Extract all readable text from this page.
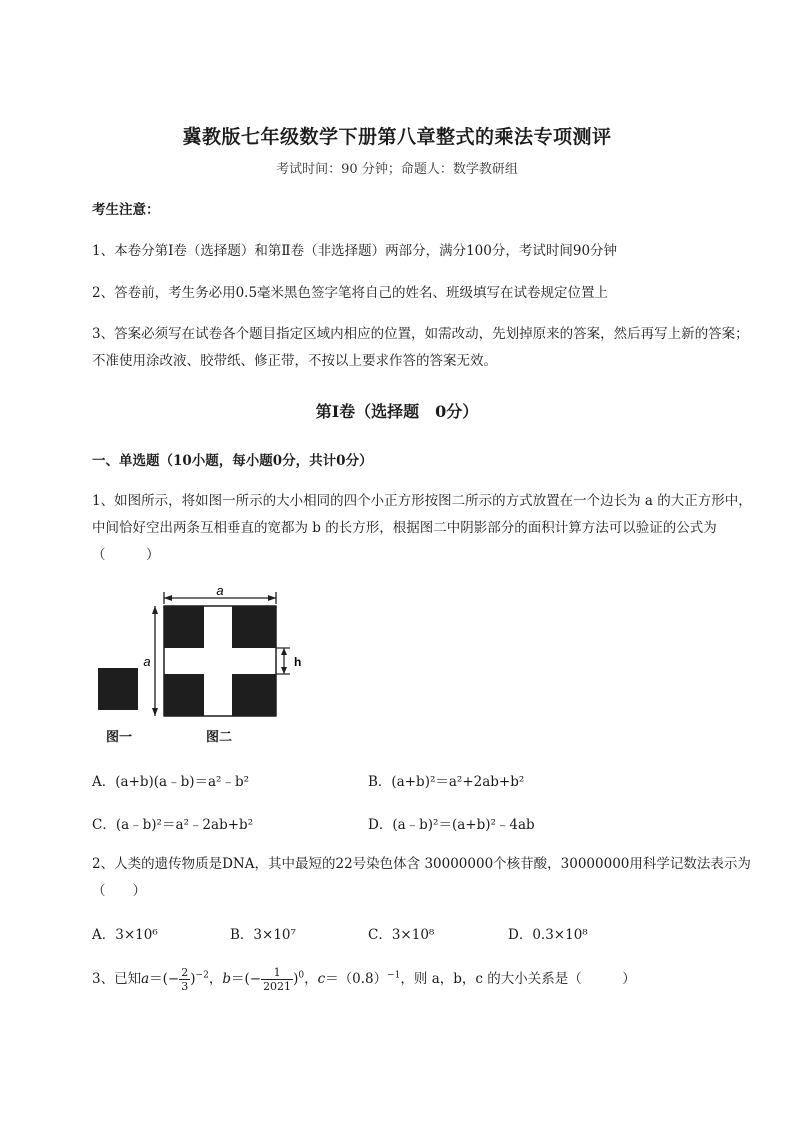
冀教版七年级数学下册第八章整式的乘法专项测评
考试时间：90 分钟；命题人：数学教研组
考生注意：
1、本卷分第Ⅰ卷（选择题）和第Ⅱ卷（非选择题）两部分，满分100分，考试时间90分钟
2、答卷前，考生务必用0.5毫米黑色签字笔将自己的姓名、班级填写在试卷规定位置上
3、答案必须写在试卷各个题目指定区域内相应的位置，如需改动，先划掉原来的答案，然后再写上新的答案；不准使用涂改液、胶带纸、修正带，不按以上要求作答的答案无效。
第Ⅰ卷（选择题　0分）
一、单选题（10小题，每小题0分，共计0分）
1、如图所示，将如图一所示的大小相同的四个小正方形按图二所示的方式放置在一个边长为 a 的大正方形中，中间恰好空出两条互相垂直的宽都为 b 的长方形，根据图二中阴影部分的面积计算方法可以验证的公式为（　　　）
a
a	h
图一	图二
A．(a+b)(a﹣b)＝a²﹣b²	B．(a+b)²＝a²+2ab+b²
C．(a﹣b)²＝a²﹣2ab+b²	D．(a﹣b)²＝(a+b)²﹣4ab
2、人类的遗传物质是DNA，其中最短的22号染色体含 30000000个核苷酸，30000000用科学记数法表示为（　　）
A．3×10⁶	B．3×10⁷	C．3×10⁸	D．0.3×10⁸
3、已知$a=(- \frac{2}{3} )^{-2}$，$b=(- \frac{1}{2021} )^0$，$c=(0.8)^{-1}$，则 a，b，c 的大小关系是（　　　）
